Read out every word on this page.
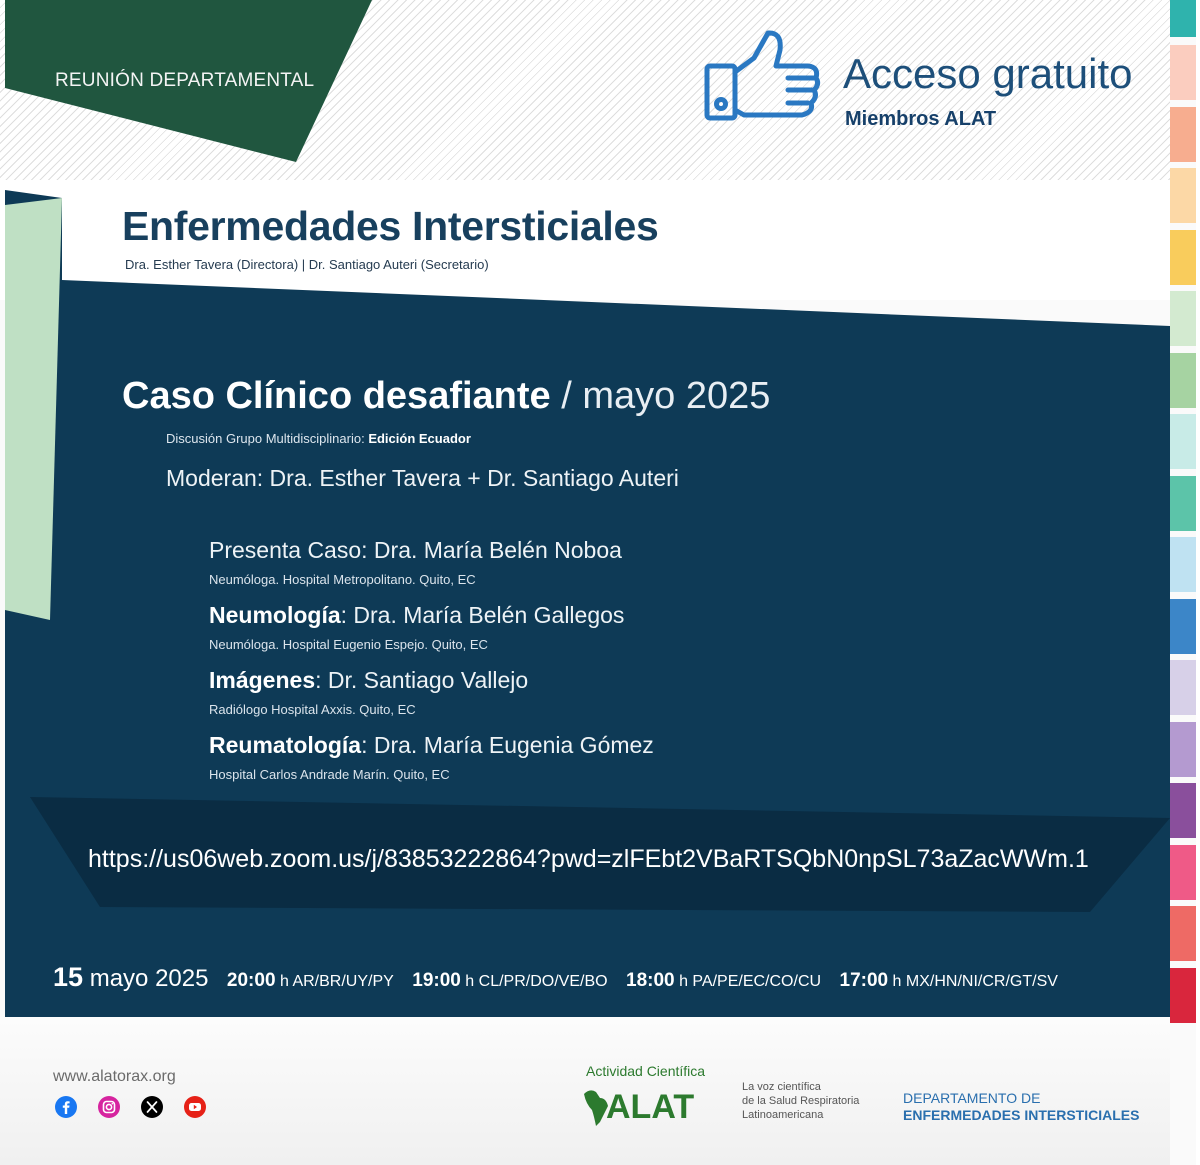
REUNIÓN DEPARTAMENTAL	Acceso gratuito
Miembros ALAT
Enfermedades Intersticiales
Dra. Esther Tavera (Directora) | Dr. Santiago Auteri (Secretario)
Caso Clínico desafiante / mayo 2025
Discusión Grupo Multidisciplinario: Edición Ecuador
Moderan: Dra. Esther Tavera + Dr. Santiago Auteri
Presenta Caso: Dra. María Belén Noboa
Neumóloga. Hospital Metropolitano. Quito, EC
Neumología: Dra. María Belén Gallegos
Neumóloga. Hospital Eugenio Espejo. Quito, EC
Imágenes: Dr. Santiago Vallejo
Radiólogo Hospital Axxis. Quito, EC
Reumatología: Dra. María Eugenia Gómez
Hospital Carlos Andrade Marín. Quito, EC
https://us06web.zoom.us/j/83853222864?pwd=zlFEbt2VBaRTSQbN0npSL73aZacWWm.1
15 mayo 2025 20:00 h AR/BR/UY/PY 19:00 h CL/PR/DO/VE/BO 18:00 h PA/PE/EC/CO/CU 17:00 h MX/HN/NI/CR/GT/SV
www.alatorax.org	Actividad Científica
ALAT
La voz científica
de la Salud Respiratoria
Latinoamericana
DEPARTAMENTO DE
ENFERMEDADES INTERSTICIALES
